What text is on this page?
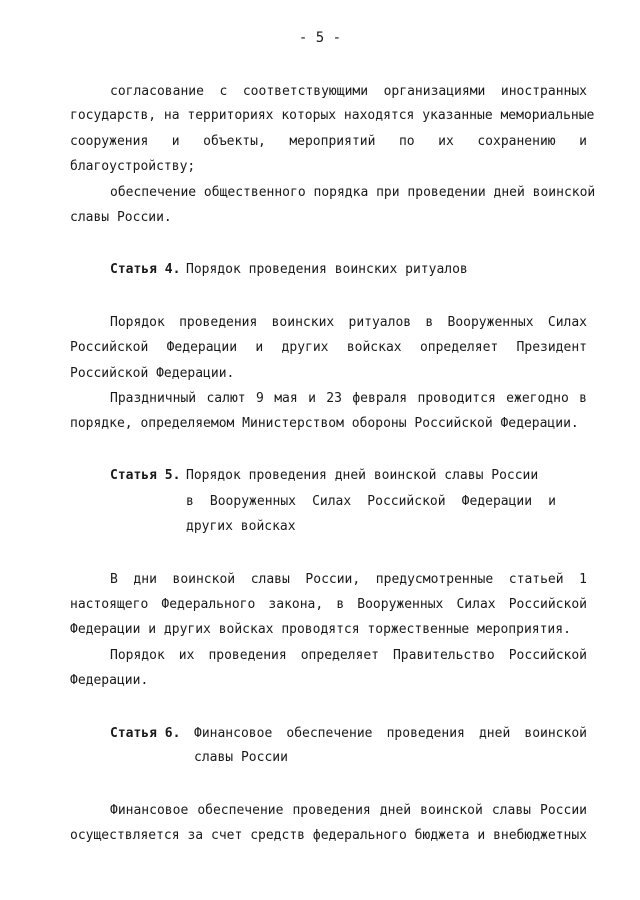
- 5 -
согласование с соответствующими организациями иностранных
государств, на территориях которых находятся указанные мемориальные
сооружения и объекты, мероприятий по их сохранению и
благоустройству;
обеспечение общественного порядка при проведении дней воинской
славы России.
Статья 4. Порядок проведения воинских ритуалов
Порядок проведения воинских ритуалов в Вооруженных Силах
Российской Федерации и других войсках определяет Президент
Российской Федерации.
Праздничный салют 9 мая и 23 февраля проводится ежегодно в
порядке, определяемом Министерством обороны Российской Федерации.
Статья 5. Порядок проведения дней воинской славы России
в Вооруженных Силах Российской Федерации и
других войсках
В дни воинской славы России, предусмотренные статьей 1
настоящего Федерального закона, в Вооруженных Силах Российской
Федерации и других войсках проводятся торжественные мероприятия.
Порядок их проведения определяет Правительство Российской
Федерации.
Статья 6. Финансовое обеспечение проведения дней воинской
славы России
Финансовое обеспечение проведения дней воинской славы России
осуществляется за счет средств федерального бюджета и внебюджетных
